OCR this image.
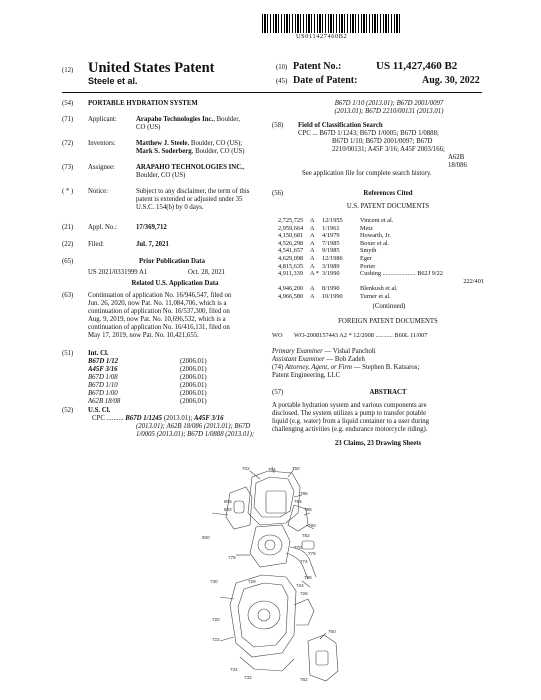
US011427460B2
(12) United States Patent
Steele et al.
(10) Patent No.:	US 11,427,460 B2
(45) Date of Patent:	Aug. 30, 2022
(54)	PORTABLE HYDRATION SYSTEM
(71)	Applicant:	Arapaho Technologies Inc., Boulder,
CO (US)
(72)	Inventors:	Matthew J. Steele, Boulder, CO (US);
Mark S. Soderberg, Boulder, CO (US)
(73)	Assignee:	ARAPAHO TECHNOLOGIES INC.,
Boulder, CO (US)
( * )	Notice:	Subject to any disclaimer, the term of this
patent is extended or adjusted under 35
U.S.C. 154(b) by 0 days.
(21)	Appl. No.:	17/369,712
(22)	Filed:	Jul. 7, 2021
(65)	Prior Publication Data
US 2021/0331999 A1	Oct. 28, 2021
Related U.S. Application Data
(63)	Continuation of application No. 16/946,547, filed on
Jun. 26, 2020, now Pat. No. 11,084,706, which is a
continuation of application No. 16/537,300, filed on
Aug. 9, 2019, now Pat. No. 10,696,532, which is a
continuation of application No. 16/416,131, filed on
May 17, 2019, now Pat. No. 10,421,655.
(51)	Int. Cl.
B67D 1/12	(2006.01)
A45F 3/16	(2006.01)
B67D 1/08	(2006.01)
B67D 1/10	(2006.01)
B67D 1/00	(2006.01)
A62B 18/08	(2006.01)
(52)	U.S. Cl.
CPC .......... B67D 1/1245 (2013.01); A45F 3/16
(2013.01); A62B 18/086 (2013.01); B67D
1/0005 (2013.01); B67D 1/0888 (2013.01);
B67D 1/10 (2013.01); B67D 2001/0097
(2013.01); B67D 2210/00131 (2013.01)
(58)	Field of Classification Search
CPC ... B67D 1/1243; B67D 1/0005; B67D 1/0888;
B67D 1/10; B67D 2001/0097; B67D
2210/00131; A45F 3/16; A45F 2003/166;
A62B 18/086
See application file for complete search history.
(56)	References Cited
U.S. PATENT DOCUMENTS
2,725,725	A	12/1955	Vincent et al.
2,959,664	A	1/1961	Metz
4,150,681	A	4/1979	Howarth, Jr.
4,526,298	A	7/1985	Boxer et al.
4,541,657	A	9/1985	Smyth
4,629,098	A	12/1986	Eger
4,815,635	A	3/1989	Porter
4,911,339	A * 3/1990	Cushing ..................... B62J 9/22
222/401
4,946,200	A	8/1990	Blenkush et al.
4,966,580	A	10/1990	Turner et al.
(Continued)
FOREIGN PATENT DOCUMENTS
WO	WO-2008157443 A2 * 12/2008 ........... B60L 11/007
Primary Examiner — Vishal Pancholi
Assistant Examiner — Bob Zadeh
(74) Attorney, Agent, or Firm — Stephen B. Katsaros;
Patent Engineering, LLC
(57)	ABSTRACT
A portable hydration system and various components are
disclosed. The system utilizes a pump to transfer potable
liquid (e.g. water) from a liquid container to a user during
challenging activities (e.g. endurance motorcycle riding).
23 Claims, 23 Drawing Sheets
702	704	750
806
802
786
784
788
780
782
770
776
774
800
778
728
798
724
726
730
720
722
732
734
760
762
